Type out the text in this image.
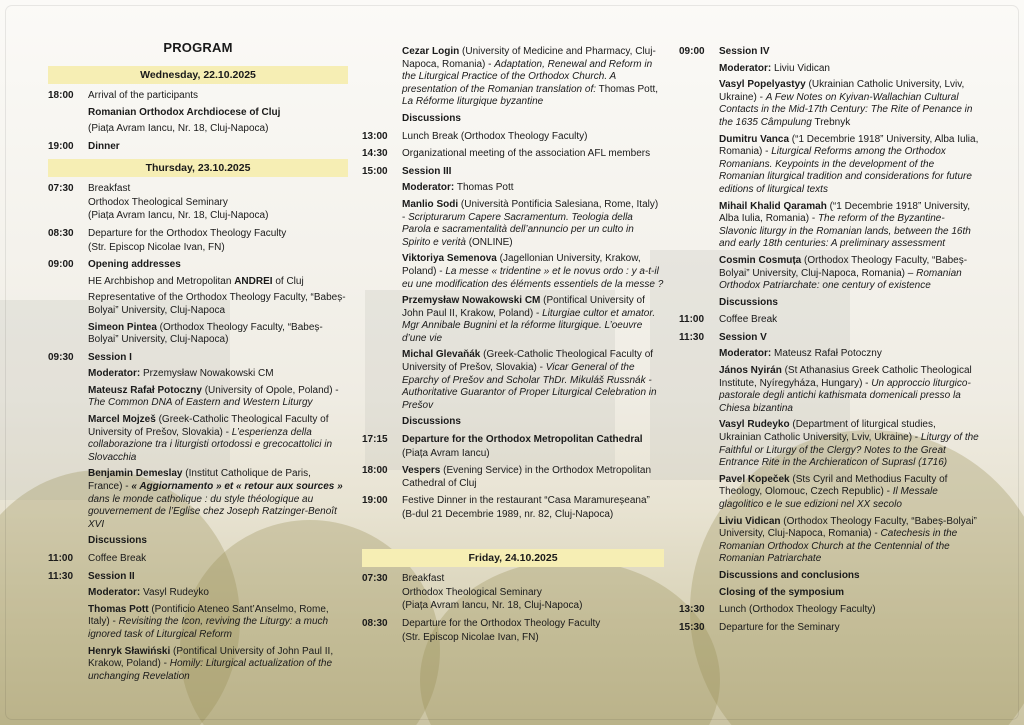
PROGRAM
Wednesday, 22.10.2025
18:00	Arrival of the participants

Romanian Orthodox Archdiocese of Cluj

(Piața Avram Iancu, Nr. 18, Cluj-Napoca)

19:00	Dinner

Thursday, 23.10.2025
07:30	Breakfast

Orthodox Theological Seminary

(Piața Avram Iancu, Nr. 18, Cluj-Napoca)

08:30	Departure for the Orthodox Theology Faculty

(Str. Episcop Nicolae Ivan, FN)

09:00	Opening addresses

HE Archbishop and Metropolitan ANDREI of Cluj

Representative of the Orthodox Theology Faculty, “Babeș-Bolyai” University, Cluj-Napoca

Simeon Pintea (Orthodox Theology Faculty, “Babeș-Bolyai” University, Cluj-Napoca)

09:30	Session I

Moderator: Przemysław Nowakowski CM

Mateusz Rafał Potoczny (University of Opole, Poland) - The Common DNA of Eastern and Western Liturgy

Marcel Mojzeš (Greek-Catholic Theological Faculty of University of Prešov, Slovakia) - L’esperienza della collaborazione tra i liturgisti ortodossi e grecocattolici in Slovacchia

Benjamin Demeslay (Institut Catholique de Paris, France) - « Aggiornamento » et « retour aux sources » dans le monde catholique : du style théologique au gouvernement de l’Eglise chez Joseph Ratzinger-Benoît XVI

Discussions

11:00	Coffee Break

11:30	Session II

Moderator: Vasyl Rudeyko

Thomas Pott (Pontificio Ateneo Sant’Anselmo, Rome, Italy) - Revisiting the Icon, reviving the Liturgy: a much ignored task of Liturgical Reform

Henryk Sławiński (Pontifical University of John Paul II, Krakow, Poland) - Homily: Liturgical actualization of the unchanging Revelation

Cezar Login (University of Medicine and Pharmacy, Cluj-Napoca, Romania) - Adaptation, Renewal and Reform in the Liturgical Practice of the Orthodox Church. A presentation of the Romanian translation of: Thomas Pott, La Réforme liturgique byzantine

Discussions

13:00	Lunch Break (Orthodox Theology Faculty)

14:30	Organizational meeting of the association AFL members

15:00	Session III

Moderator: Thomas Pott

Manlio Sodi (Università Pontificia Salesiana, Rome, Italy) - Scripturarum Capere Sacramentum. Teologia della Parola e sacramentalità dell’annuncio per un culto in Spirito e verità (ONLINE)

Viktoriya Semenova (Jagellonian University, Krakow, Poland) - La messe « tridentine » et le novus ordo : y a-t-il eu une modification des éléments essentiels de la messe ?

Przemysław Nowakowski CM (Pontifical University of John Paul II, Krakow, Poland) - Liturgiae cultor et amator. Mgr Annibale Bugnini et la réforme liturgique. L’oeuvre d’une vie

Michal Glevaňák (Greek-Catholic Theological Faculty of University of Prešov, Slovakia) - Vicar General of the Eparchy of Prešov and Scholar ThDr. Mikuláš Russnák - Authoritative Guarantor of Proper Liturgical Celebration in Prešov

Discussions

17:15	Departure for the Orthodox Metropolitan Cathedral

(Piața Avram Iancu)

18:00	Vespers (Evening Service) in the Orthodox Metropolitan Cathedral of Cluj

19:00	Festive Dinner in the restaurant “Casa Maramureșeana”

(B-dul 21 Decembrie 1989, nr. 82, Cluj-Napoca)

Friday, 24.10.2025
07:30	Breakfast

Orthodox Theological Seminary

(Piața Avram Iancu, Nr. 18, Cluj-Napoca)

08:30	Departure for the Orthodox Theology Faculty

(Str. Episcop Nicolae Ivan, FN)

09:00	Session IV

Moderator: Liviu Vidican

Vasyl Popelyastyy (Ukrainian Catholic University, Lviv, Ukraine) - A Few Notes on Kyivan-Wallachian Cultural Contacts in the Mid-17th Century: The Rite of Penance in the 1635 Câmpulung Trebnyk

Dumitru Vanca (“1 Decembrie 1918” University, Alba Iulia, Romania) - Liturgical Reforms among the Orthodox Romanians. Keypoints in the development of the Romanian liturgical tradition and considerations for future editions of liturgical texts

Mihail Khalid Qaramah (“1 Decembrie 1918” University, Alba Iulia, Romania) - The reform of the Byzantine-Slavonic liturgy in the Romanian lands, between the 16th and early 18th centuries: A preliminary assessment

Cosmin Cosmuța (Orthodox Theology Faculty, “Babeș-Bolyai” University, Cluj-Napoca, Romania) – Romanian Orthodox Patriarchate: one century of existence

Discussions

11:00	Coffee Break

11:30	Session V

Moderator: Mateusz Rafał Potoczny

János Nyirán (St Athanasius Greek Catholic Theological Institute, Nyíregyháza, Hungary) - Un approccio liturgico-pastorale degli antichi kathismata domenicali presso la Chiesa bizantina

Vasyl Rudeyko (Department of liturgical studies, Ukrainian Catholic University, Lviv, Ukraine) - Liturgy of the Faithful or Liturgy of the Clergy? Notes to the Great Entrance Rite in the Archieraticon of Suprasl (1716)

Pavel Kopeček (Sts Cyril and Methodius Faculty of Theology, Olomouc, Czech Republic) - Il Messale glagolitico e le sue edizioni nel XX secolo

Liviu Vidican (Orthodox Theology Faculty, “Babeș-Bolyai” University, Cluj-Napoca, Romania) - Catechesis in the Romanian Orthodox Church at the Centennial of the Romanian Patriarchate

Discussions and conclusions

Closing of the symposium

13:30	Lunch (Orthodox Theology Faculty)

15:30	Departure for the Seminary
